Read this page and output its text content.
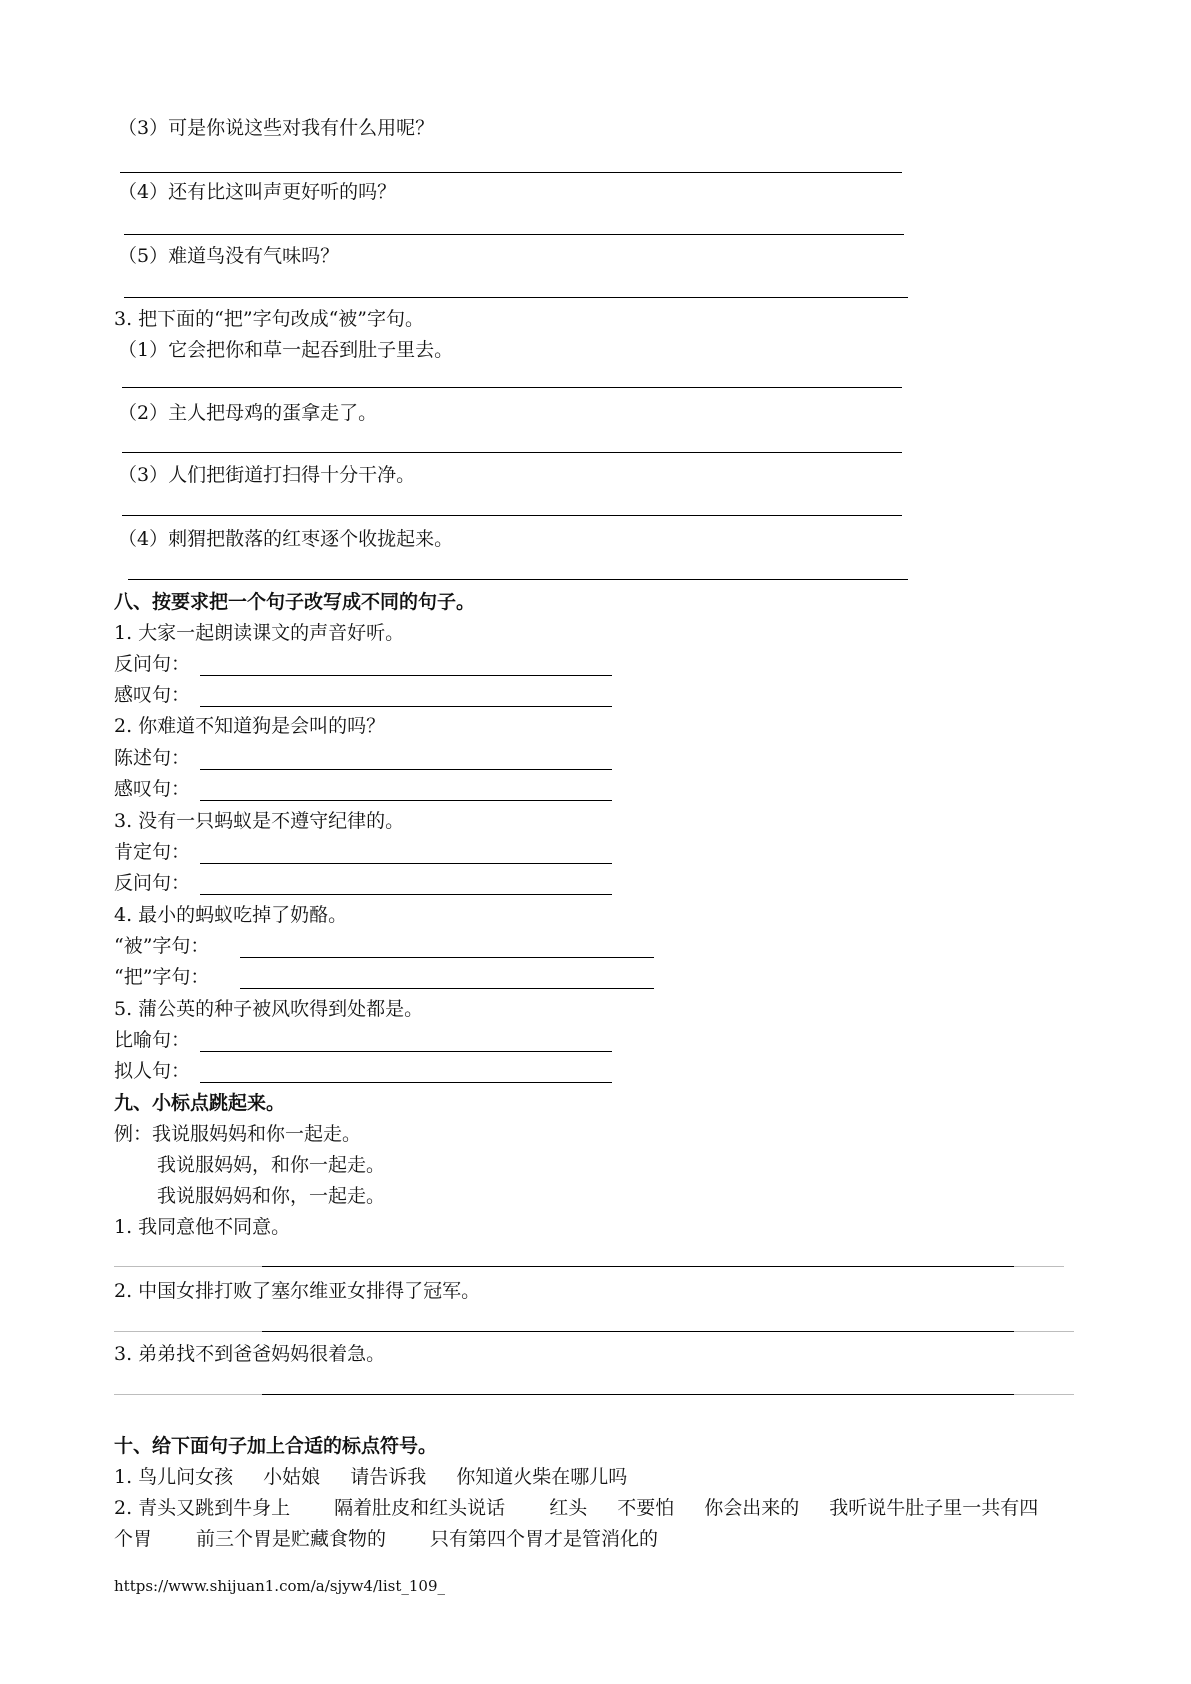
（3）可是你说这些对我有什么用呢？
（4）还有比这叫声更好听的吗？
（5）难道鸟没有气味吗？
3. 把下面的“把”字句改成“被”字句。
（1）它会把你和草一起吞到肚子里去。
（2）主人把母鸡的蛋拿走了。
（3）人们把街道打扫得十分干净。
（4）刺猬把散落的红枣逐个收拢起来。
八、按要求把一个句子改写成不同的句子。
1. 大家一起朗读课文的声音好听。
反问句：
感叹句：
2. 你难道不知道狗是会叫的吗？
陈述句：
感叹句：
3. 没有一只蚂蚁是不遵守纪律的。
肯定句：
反问句：
4. 最小的蚂蚁吃掉了奶酪。
“被”字句：
“把”字句：
5. 蒲公英的种子被风吹得到处都是。
比喻句：
拟人句：
九、小标点跳起来。
例：我说服妈妈和你一起走。
我说服妈妈，和你一起走。
我说服妈妈和你，一起走。
1. 我同意他不同意。
2. 中国女排打败了塞尔维亚女排得了冠军。
3. 弟弟找不到爸爸妈妈很着急。
十、给下面句子加上合适的标点符号。
1. 鸟儿问女孩 小姑娘 请告诉我 你知道火柴在哪儿吗
2. 青头又跳到牛身上 隔着肚皮和红头说话 红头 不要怕 你会出来的 我听说牛肚子里一共有四
个胃 前三个胃是贮藏食物的 只有第四个胃才是管消化的
https://www.shijuan1.com/a/sjyw4/list_109_
